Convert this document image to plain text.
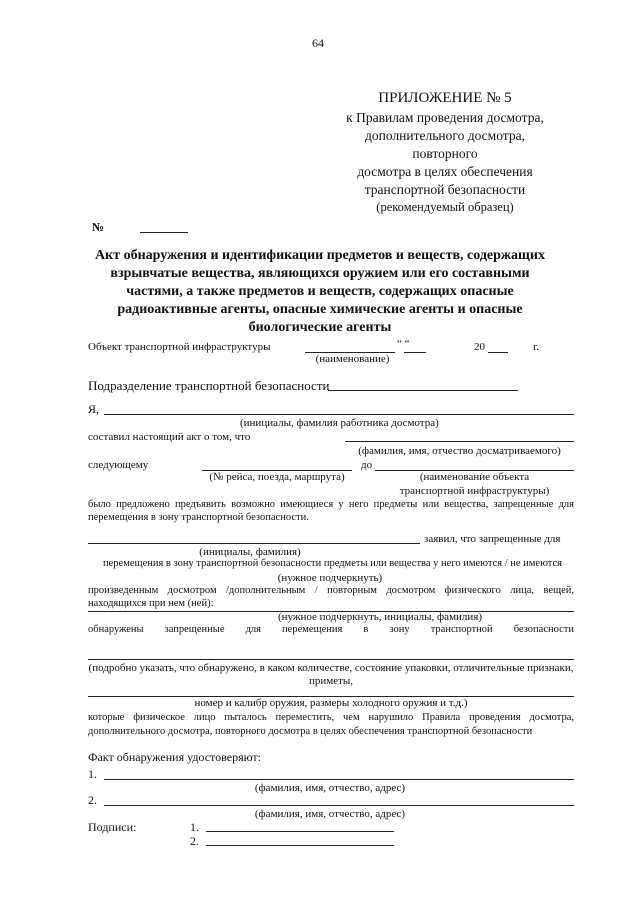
64
ПРИЛОЖЕНИЕ № 5
к Правилам проведения досмотра,
дополнительного досмотра,
повторного
досмотра в целях обеспечения
транспортной безопасности
(рекомендуемый образец)
№
Акт обнаружения и идентификации предметов и веществ, содержащих
взрывчатые вещества, являющихся оружием или его составными
частями, а также предметов и веществ, содержащих опасные
радиоактивные агенты, опасные химические агенты и опасные
биологические агенты
Объект транспортной инфраструктуры	“ “	20	г.
(наименование)
Подразделение транспортной безопасности
Я,
(инициалы, фамилия работника досмотра)
составил настоящий акт о том, что
(фамилия, имя, отчество досматриваемого)
следующему	до
(№ рейса, поезда, маршрута)	(наименование объекта
транспортной инфраструктуры)
было предложено предъявить возможно имеющиеся у него предметы или вещества, запрещенные для
перемещения в зону транспортной безопасности.
заявил, что запрещенные для
(инициалы, фамилия)
перемещения в зону транспортной безопасности предметы или вещества у него имеются / не имеются
(нужное подчеркнуть)
произведенным досмотром /дополнительным / повторным досмотром физического лица, вещей,
находящихся при нем (ней):
(нужное подчеркнуть, инициалы, фамилия)
обнаружены запрещенные для перемещения в зону транспортной безопасности
(подробно указать, что обнаружено, в каком количестве, состояние упаковки, отличительные признаки,
приметы,
номер и калибр оружия, размеры холодного оружия и т.д.)
которые физическое лицо пыталось переместить, чем нарушило Правила проведения досмотра,
дополнительного досмотра, повторного досмотра в целях обеспечения транспортной безопасности
Факт обнаружения удостоверяют:
1.
(фамилия, имя, отчество, адрес)
2.
(фамилия, имя, отчество, адрес)
Подписи:	1.
2.
